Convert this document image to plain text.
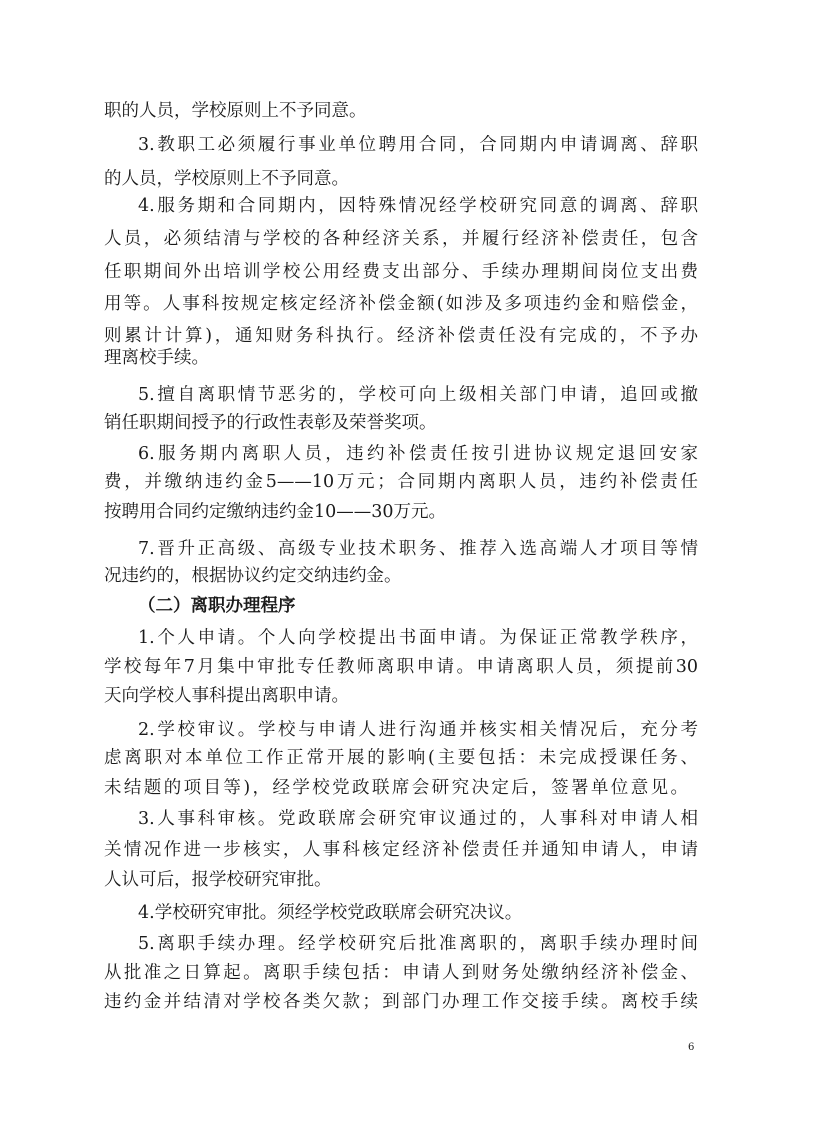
职的人员，学校原则上不予同意。
3.教职工必须履行事业单位聘用合同，合同期内申请调离、辞职
的人员，学校原则上不予同意。
4.服务期和合同期内，因特殊情况经学校研究同意的调离、辞职
人员，必须结清与学校的各种经济关系，并履行经济补偿责任，包含
任职期间外出培训学校公用经费支出部分、手续办理期间岗位支出费
用等。人事科按规定核定经济补偿金额(如涉及多项违约金和赔偿金，
则累计计算)，通知财务科执行。经济补偿责任没有完成的，不予办
理离校手续。
5.擅自离职情节恶劣的，学校可向上级相关部门申请，追回或撤
销任职期间授予的行政性表彰及荣誉奖项。
6.服务期内离职人员，违约补偿责任按引进协议规定退回安家
费，并缴纳违约金5——10万元；合同期内离职人员，违约补偿责任
按聘用合同约定缴纳违约金10——30万元。
7.晋升正高级、高级专业技术职务、推荐入选高端人才项目等情
况违约的，根据协议约定交纳违约金。
（二）离职办理程序
1.个人申请。个人向学校提出书面申请。为保证正常教学秩序，
学校每年7月集中审批专任教师离职申请。申请离职人员，须提前30
天向学校人事科提出离职申请。
2.学校审议。学校与申请人进行沟通并核实相关情况后，充分考
虑离职对本单位工作正常开展的影响(主要包括：未完成授课任务、
未结题的项目等)，经学校党政联席会研究决定后，签署单位意见。
3.人事科审核。党政联席会研究审议通过的，人事科对申请人相
关情况作进一步核实，人事科核定经济补偿责任并通知申请人，申请
人认可后，报学校研究审批。
4.学校研究审批。须经学校党政联席会研究决议。
5.离职手续办理。经学校研究后批准离职的，离职手续办理时间
从批准之日算起。离职手续包括：申请人到财务处缴纳经济补偿金、
违约金并结清对学校各类欠款；到部门办理工作交接手续。离校手续
6
